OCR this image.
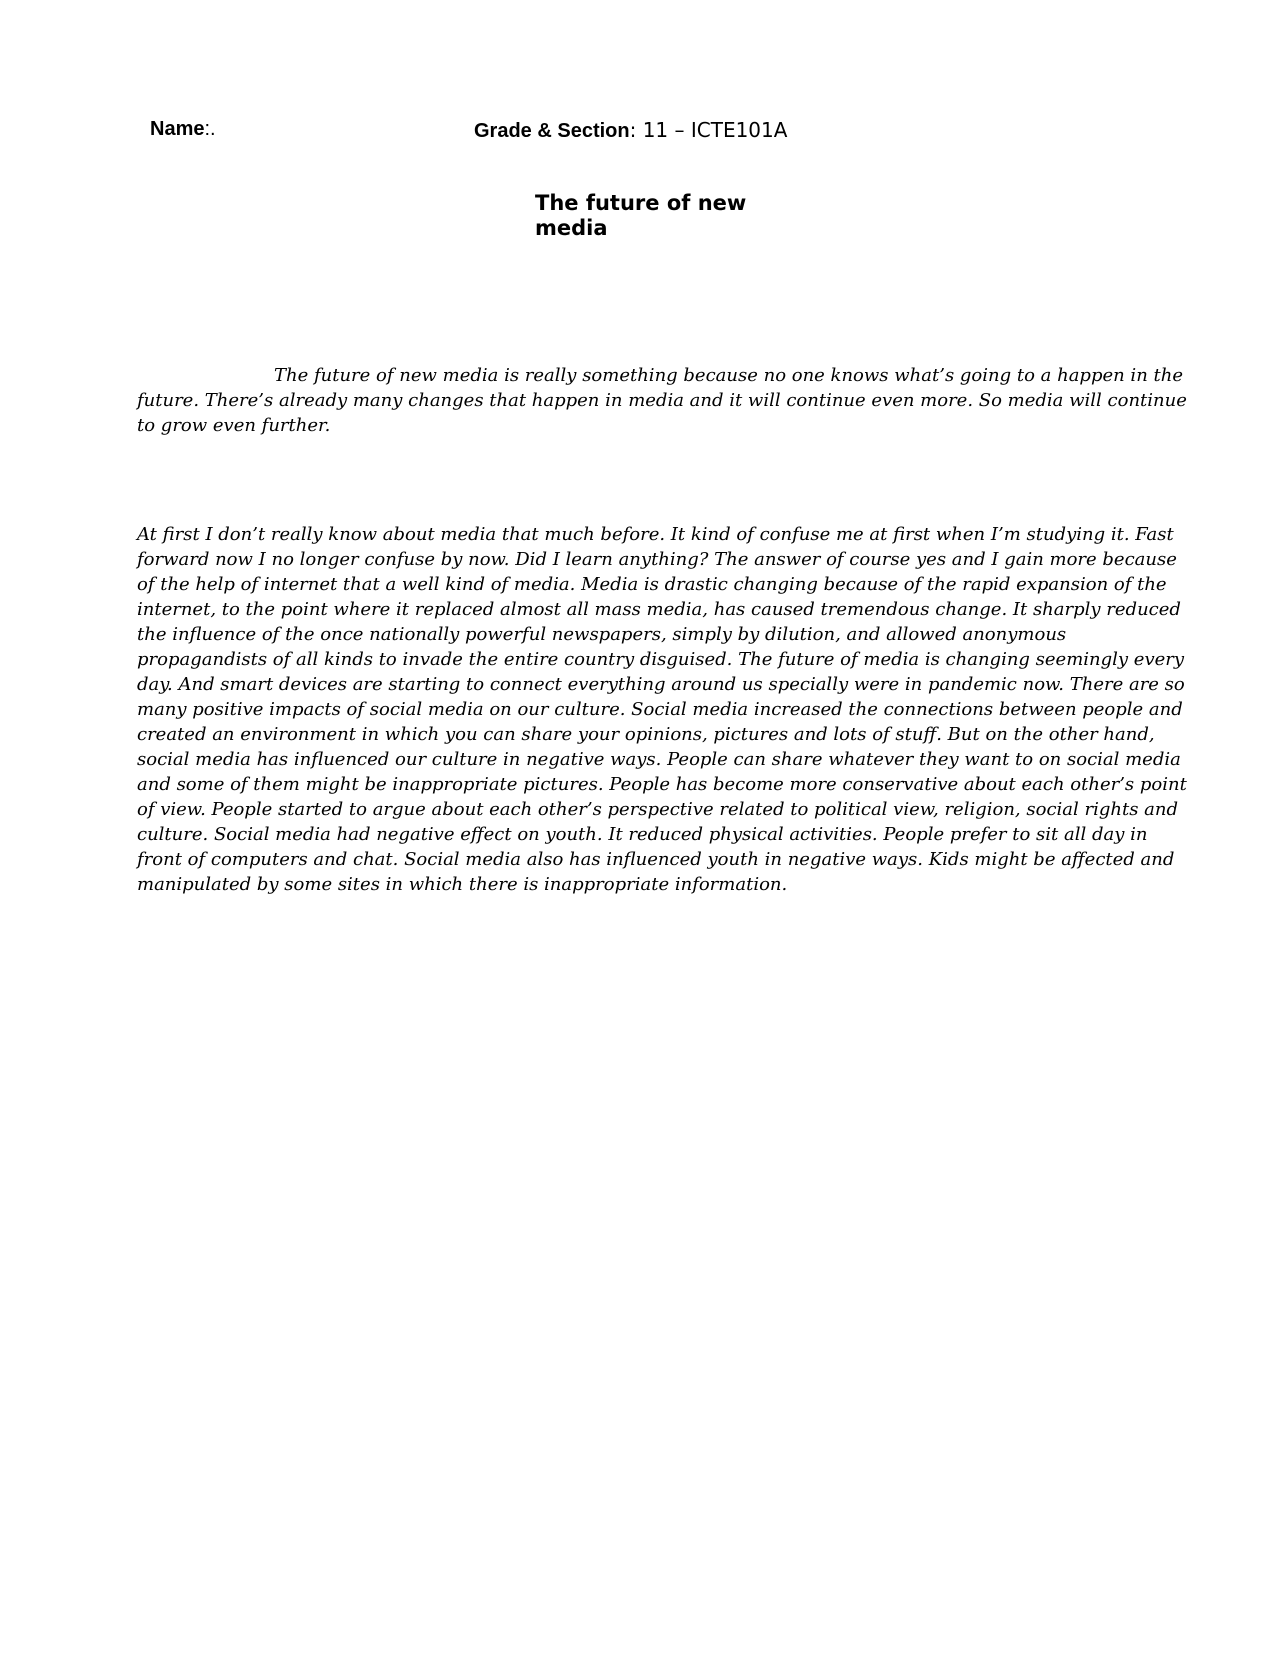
Name:.	Grade & Section: 11 – ICTE101A
The future of new media

The future of new media is really something because no one knows what’s going to a happen in the future. There’s already many changes that happen in media and it will continue even more. So media will continue to grow even further.

At first I don’t really know about media that much before. It kind of confuse me at first when I’m studying it. Fast forward now I no longer confuse by now. Did I learn anything? The answer of course yes and I gain more because of the help of internet that a well kind of media. Media is drastic changing because of the rapid expansion of the internet, to the point where it replaced almost all mass media, has caused tremendous change. It sharply reduced the influence of the once nationally powerful newspapers, simply by dilution, and allowed anonymous propagandists of all kinds to invade the entire country disguised. The future of media is changing seemingly every day. And smart devices are starting to connect everything around us specially were in pandemic now. There are so many positive impacts of social media on our culture. Social media increased the connections between people and created an environment in which you can share your opinions, pictures and lots of stuff. But on the other hand, social media has influenced our culture in negative ways. People can share whatever they want to on social media and some of them might be inappropriate pictures. People has become more conservative about each other’s point of view. People started to argue about each other’s perspective related to political view, religion, social rights and culture. Social media had negative effect on youth. It reduced physical activities. People prefer to sit all day in front of computers and chat. Social media also has influenced youth in negative ways. Kids might be affected and manipulated by some sites in which there is inappropriate information.
